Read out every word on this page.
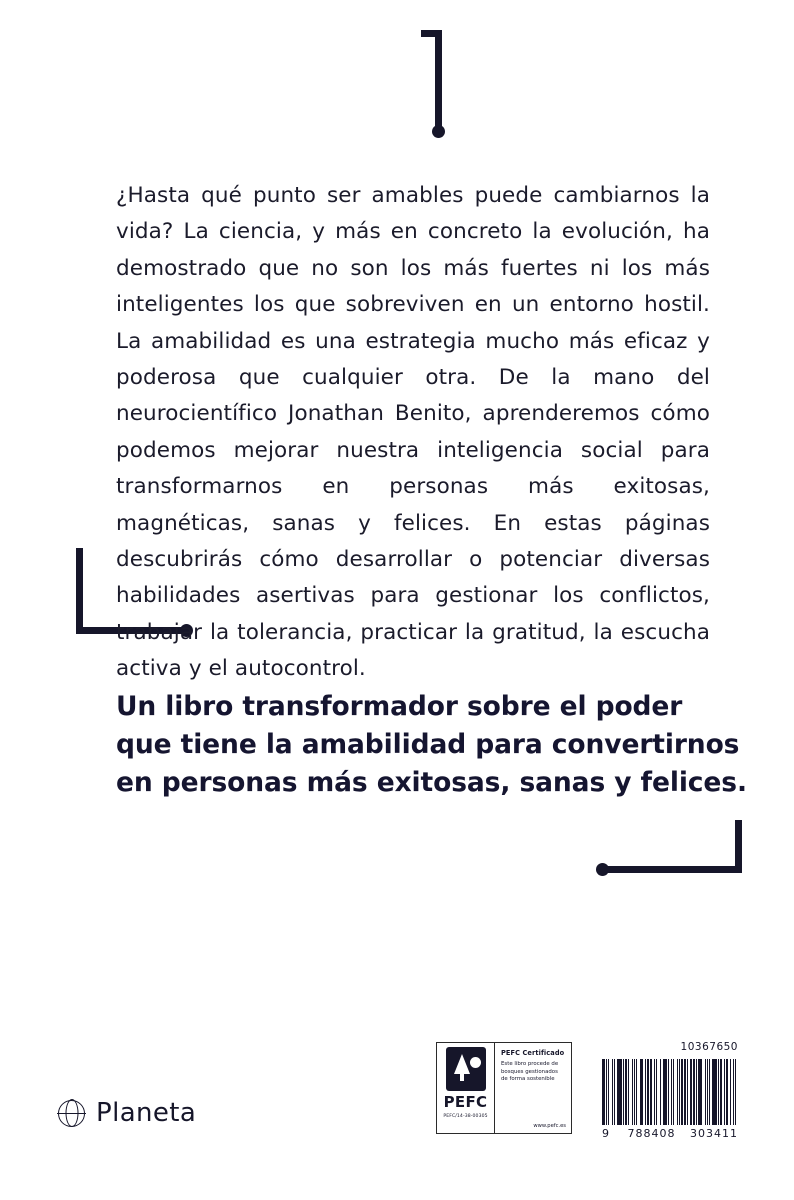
¿Hasta qué punto ser amables puede cambiarnos la vida? La ciencia, y más en concreto la evolución, ha demostrado que no son los más fuertes ni los más inteligentes los que sobreviven en un entorno hostil. La amabilidad es una estrategia mucho más eficaz y poderosa que cualquier otra. De la mano del neurocientífico Jonathan Benito, aprenderemos cómo podemos mejorar nuestra inteligencia social para transformarnos en personas más exitosas, magnéticas, sanas y felices. En estas páginas descubrirás cómo desarrollar o potenciar diversas habilidades asertivas para gestionar los conflictos, trabajar la tolerancia, practicar la gratitud, la escucha activa y el autocontrol.
Un libro transformador sobre el poder
que tiene la amabilidad para convertirnos
en personas más exitosas, sanas y felices.
Planeta	PEFC
PEFC/14-38-00305
PEFC Certificado
Este libro procede de bosques gestionados de forma sostenible
www.pefc.es
10367650
9 788408 303411
